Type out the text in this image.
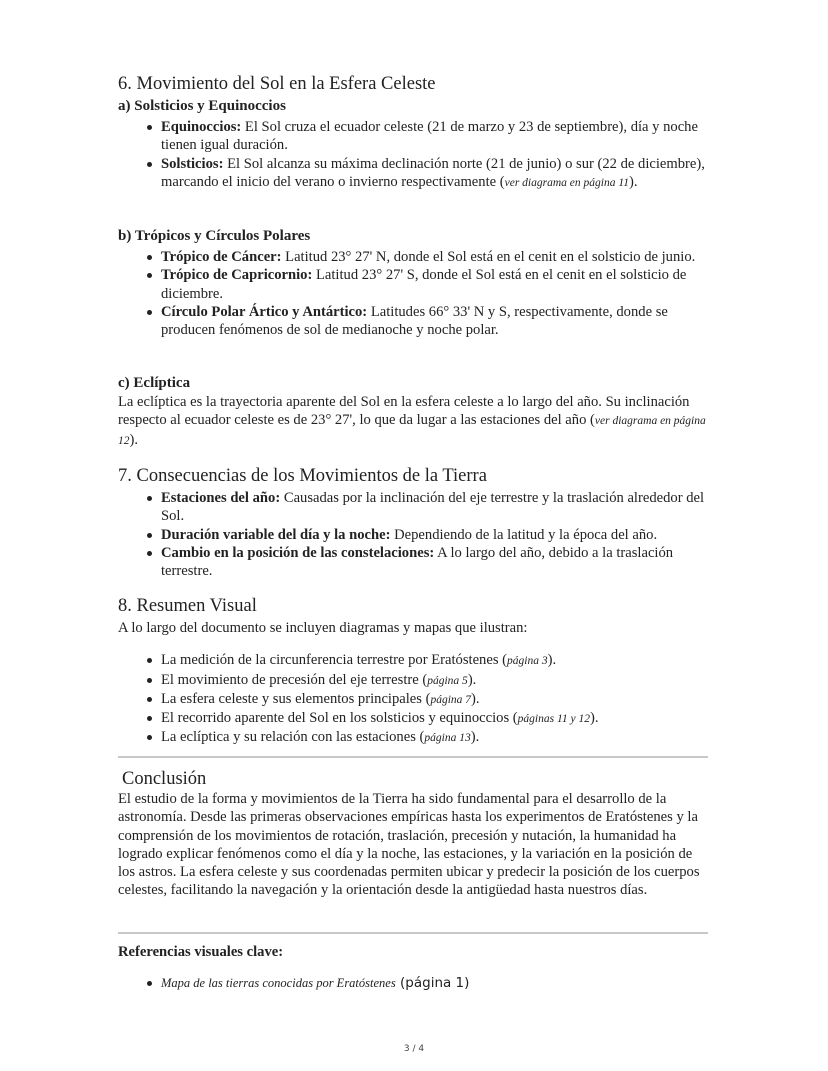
6. Movimiento del Sol en la Esfera Celeste
a) Solsticios y Equinoccios
Equinoccios: El Sol cruza el ecuador celeste (21 de marzo y 23 de septiembre), día y noche tienen igual duración.
Solsticios: El Sol alcanza su máxima declinación norte (21 de junio) o sur (22 de diciembre), marcando el inicio del verano o invierno respectivamente (ver diagrama en página 11).
b) Trópicos y Círculos Polares
Trópico de Cáncer: Latitud 23° 27' N, donde el Sol está en el cenit en el solsticio de junio.
Trópico de Capricornio: Latitud 23° 27' S, donde el Sol está en el cenit en el solsticio de diciembre.
Círculo Polar Ártico y Antártico: Latitudes 66° 33' N y S, respectivamente, donde se producen fenómenos de sol de medianoche y noche polar.
c) Eclíptica

La eclíptica es la trayectoria aparente del Sol en la esfera celeste a lo largo del año. Su inclinación respecto al ecuador celeste es de 23° 27', lo que da lugar a las estaciones del año (ver diagrama en página 12).

7. Consecuencias de los Movimientos de la Tierra
Estaciones del año: Causadas por la inclinación del eje terrestre y la traslación alrededor del Sol.
Duración variable del día y la noche: Dependiendo de la latitud y la época del año.
Cambio en la posición de las constelaciones: A lo largo del año, debido a la traslación terrestre.
8. Resumen Visual

A lo largo del documento se incluyen diagramas y mapas que ilustran:

La medición de la circunferencia terrestre por Eratóstenes (página 3).
El movimiento de precesión del eje terrestre (página 5).
La esfera celeste y sus elementos principales (página 7).
El recorrido aparente del Sol en los solsticios y equinoccios (páginas 11 y 12).
La eclíptica y su relación con las estaciones (página 13).
Conclusión

El estudio de la forma y movimientos de la Tierra ha sido fundamental para el desarrollo de la astronomía. Desde las primeras observaciones empíricas hasta los experimentos de Eratóstenes y la comprensión de los movimientos de rotación, traslación, precesión y nutación, la humanidad ha logrado explicar fenómenos como el día y la noche, las estaciones, y la variación en la posición de los astros. La esfera celeste y sus coordenadas permiten ubicar y predecir la posición de los cuerpos celestes, facilitando la navegación y la orientación desde la antigüedad hasta nuestros días.

Referencias visuales clave:
Mapa de las tierras conocidas por Eratóstenes (página 1)
3 / 4
